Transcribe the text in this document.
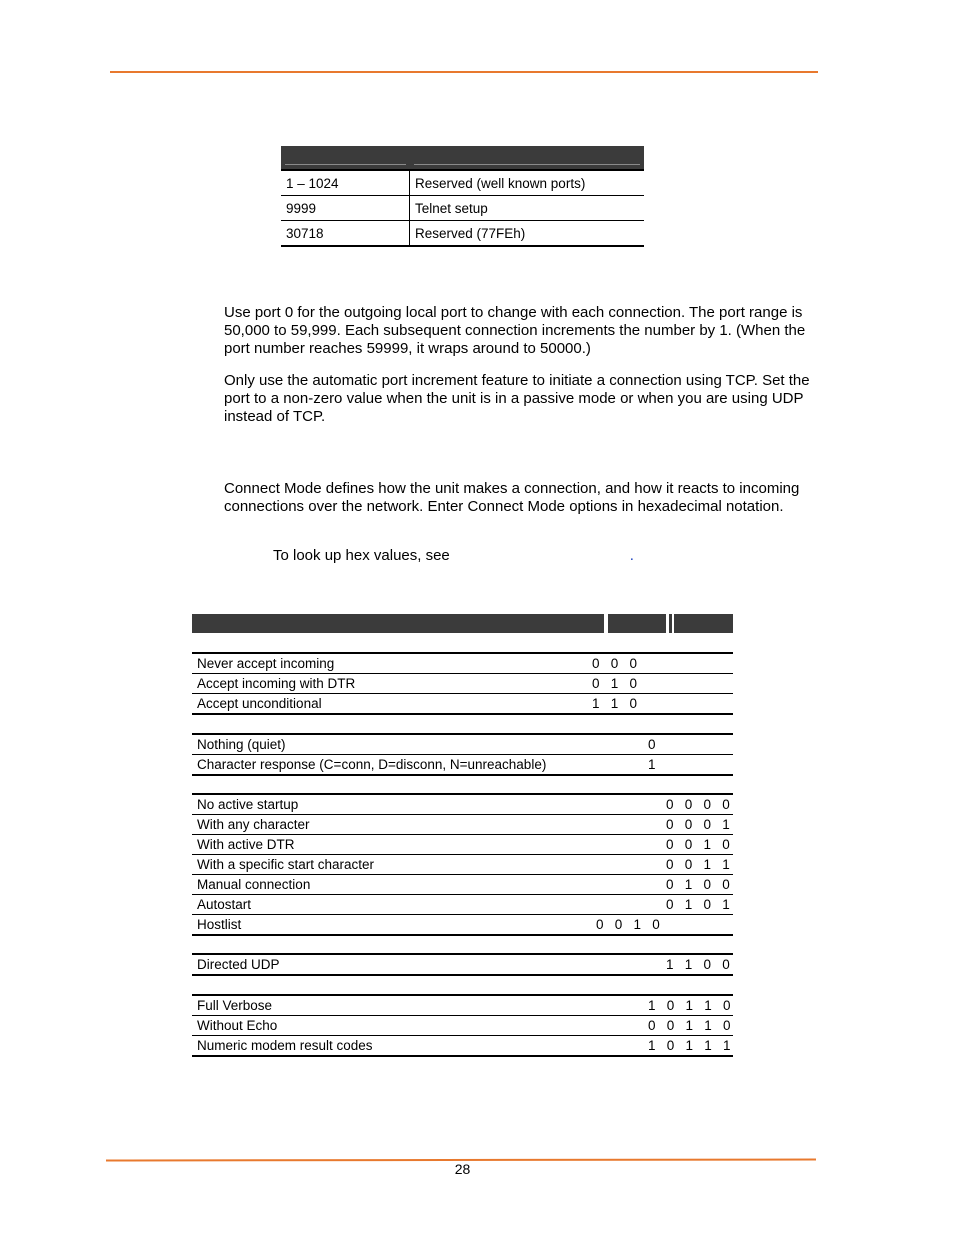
1 – 1024	Reserved (well known ports)
9999	Telnet setup
30718	Reserved (77FEh)

Use port 0 for the outgoing local port to change with each connection. The port range is 50,000 to 59,999. Each subsequent connection increments the number by 1. (When the port number reaches 59999, it wraps around to 50000.)

Only use the automatic port increment feature to initiate a connection using TCP. Set the port to a non-zero value when the unit is in a passive mode or when you are using UDP instead of TCP.

Connect Mode defines how the unit makes a connection, and how it reacts to incoming connections over the network. Enter Connect Mode options in hexadecimal notation.

To look up hex values, see	.

Never accept incoming	0   0   0
Accept incoming with DTR	0   1   0
Accept unconditional	1   1   0
Nothing (quiet)	0
Character response (C=conn, D=disconn, N=unreachable)	1
No active startup	0   0   0   0
With any character	0   0   0   1
With active DTR	0   0   1   0
With a specific start character	0   0   1   1
Manual connection	0   1   0   0
Autostart	0   1   0   1
Hostlist	0   0   1   0
Directed UDP	1   1   0   0
Full Verbose	1   0   1   1   0
Without Echo	0   0   1   1   0
Numeric modem result codes	1   0   1   1   1
28
